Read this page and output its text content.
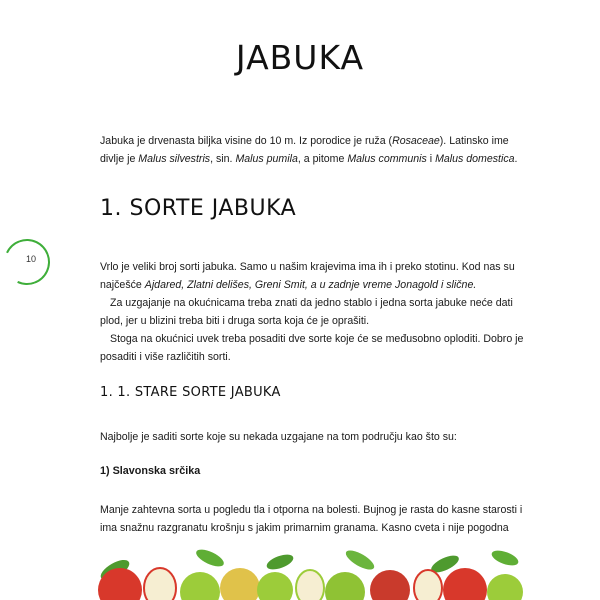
JABUKA

Jabuka je drvenasta biljka visine do 10 m. Iz porodice je ruža (Rosaceae). Latinsko ime divlje je Malus silvestris, sin. Malus pumila, a pitome Malus communis i Malus domestica.

1. SORTE JABUKA
10

Vrlo je veliki broj sorti jabuka. Samo u našim krajevima ima ih i preko stotinu. Kod nas su najčešće Ajdared, Zlatni delišes, Greni Smit, a u zadnje vreme Jonagold i slične.

Za uzgajanje na okućnicama treba znati da jedno stablo i jedna sorta jabuke neće dati plod, jer u blizini treba biti i druga sorta koja će je oprašiti.

Stoga na okućnici uvek treba posaditi dve sorte koje će se međusobno oploditi. Dobro je posaditi i više različitih sorti.

1. 1. STARE SORTE JABUKA

Najbolje je saditi sorte koje su nekada uzgajane na tom području kao što su:

1) Slavonska srčika

Manje zahtevna sorta u pogledu tla i otporna na bolesti. Bujnog je rasta do kasne starosti i ima snažnu razgranatu krošnju s jakim primarnim granama. Kasno cveta i nije pogodna
